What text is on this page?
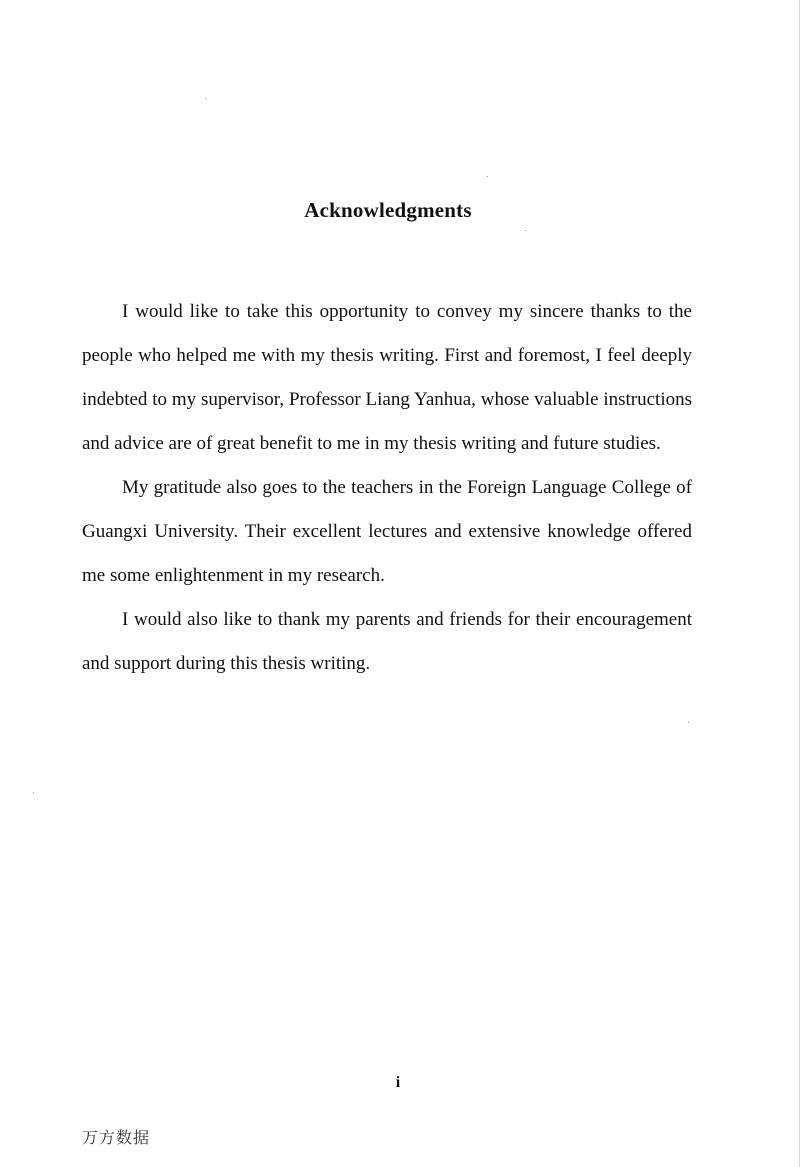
Acknowledgments

I would like to take this opportunity to convey my sincere thanks to the people who helped me with my thesis writing. First and foremost, I feel deeply indebted to my supervisor, Professor Liang Yanhua, whose valuable instructions and advice are of great benefit to me in my thesis writing and future studies.

My gratitude also goes to the teachers in the Foreign Language College of Guangxi University. Their excellent lectures and extensive knowledge offered me some enlightenment in my research.

I would also like to thank my parents and friends for their encouragement and support during this thesis writing.

i
万方数据
